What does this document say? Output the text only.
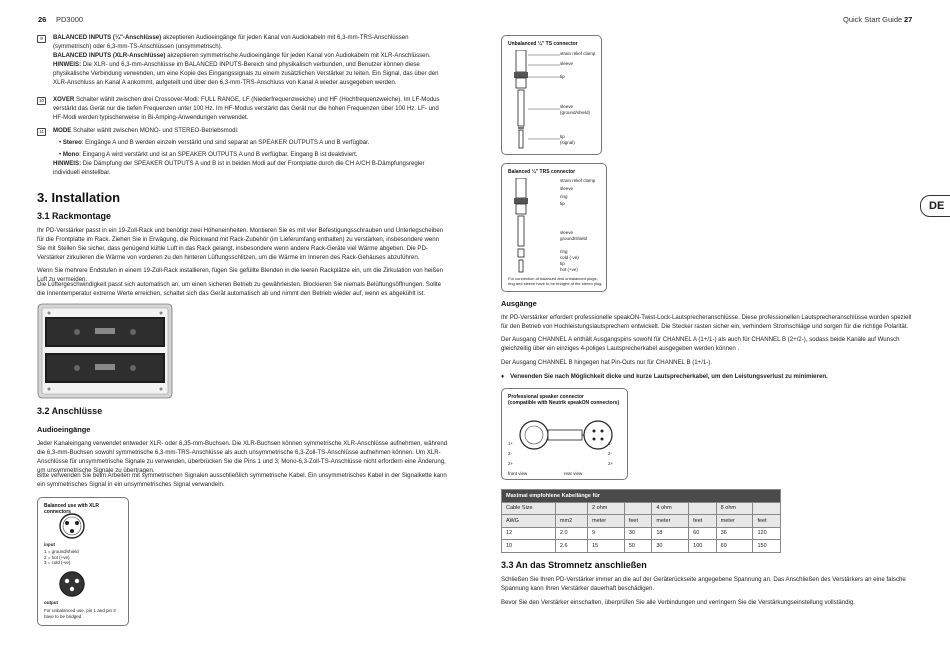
26 PD3000	Quick Start Guide 27
9	BALANCED INPUTS (¼"-Anschlüsse) akzeptieren Audioeingänge für jeden Kanal von Audiokabeln mit 6,3-mm-TRS-Anschlüssen (symmetrisch) oder 6,3-mm-TS-Anschlüssen (unsymmetrisch).
BALANCED INPUTS (XLR-Anschlüsse) akzeptieren symmetrische Audioeingänge für jeden Kanal von Audiokabeln mit XLR-Anschlüssen.
HINWEIS: Die XLR- und 6,3-mm-Anschlüsse im BALANCED INPUTS-Bereich sind physikalisch verbunden, und Benutzer können diese physikalische Verbindung verwenden, um eine Kopie des Eingangssignals zu einem zusätzlichen Verstärker zu leiten. Ein Signal, das über den XLR-Anschluss an Kanal A ankommt, aufgeteilt und über den 6,3-mm-TRS-Anschluss von Kanal A wieder ausgegeben werden.
10	XOVER Schalter wählt zwischen drei Crossover-Modi: FULL RANGE, LF (Niederfrequenzweiche) und HF (Hochfrequenzweiche). Im LF-Modus verstärkt das Gerät nur die tiefen Frequenzen unter 100 Hz. Im HF-Modus verstärkt das Gerät nur die hohen Frequenzen über 100 Hz. LF- und HF-Modi werden typischerweise in Bi-Amping-Anwendungen verwendet.
11	MODE Schalter wählt zwischen MONO- und STEREO-Betriebsmodi:
• Stereo: Eingänge A und B werden einzeln verstärkt und sind separat an SPEAKER OUTPUTS A und B verfügbar.
• Mono: Eingang A wird verstärkt und ist an SPEAKER OUTPUTS A und B verfügbar. Eingang B ist deaktiviert.
HINWEIS: Die Dämpfung der SPEAKER OUTPUTS A und B ist in beiden Modi auf der Frontplatte durch die CH A/CH B-Dämpfungsregler individuell einstellbar.
3. Installation
3.1 Rackmontage
Ihr PD-Verstärker passt in ein 19-Zoll-Rack und benötigt zwei Höheneinheiten. Montieren Sie es mit vier Befestigungsschrauben und Unterlegscheiben für die Frontplatte im Rack. Ziehen Sie in Erwägung, die Rückwand mit Rack-Zubehör (im Lieferumfang enthalten) zu verstärken, insbesondere wenn Sie mit Stellen Sie sicher, dass genügend kühle Luft in das Rack gelangt, insbesondere wenn andere Rack-Geräte viel Wärme abgeben. Die PD-Verstärker zirkulieren die Wärme von vorderen zu den hinteren Lüftungsschlitzen, um die Wärme im Inneren des Rack-Gehäuses abzuführen.
Wenn Sie mehrere Endstufen in einem 19-Zoll-Rack installieren, fügen Sie gefüllte Blenden in die leeren Rackplätze ein, um die Zirkulation von heißen Luft zu vermeiden.
Die Lüftergeschwindigkeit passt sich automatisch an, um einen sicheren Betrieb zu gewährleisten. Blockieren Sie niemals Belüftungsöffnungen. Sollte die Innentemperatur extreme Werte erreichen, schaltet sich das Gerät automatisch ab und nimmt den Betrieb wieder auf, wenn es abgekühlt ist.
3.2 Anschlüsse
Audioeingänge
Jeder Kanaleingang verwendet entweder XLR- oder 6,35-mm-Buchsen. Die XLR-Buchsen können symmetrische XLR-Anschlüsse aufnehmen, während die 6,3-mm-Buchsen sowohl symmetrische 6,3-mm-TRS-Anschlüsse als auch unsymmetrische 6,3-Zoll-TS-Anschlüsse aufnehmen können. Um XLR-Anschlüsse für unsymmetrische Signale zu verwenden, überbrücken Sie die Pins 1 und 3; Mono-6,3-Zoll-TS-Anschlüsse nicht erfordern eine Änderung, um unsymmetrische Signale zu übertragen.
Bitte verwenden Sie beim Arbeiten mit symmetrischen Signalen ausschließlich symmetrische Kabel. Ein unsymmetrisches Kabel in der Signalkette kann ein symmetrisches Signal in ein unsymmetrisches Signal verwandeln.
Balanced use with XLR connectors
input
1 = ground/shield
2 = hot (+ve)
3 = cold (-ve)
output
For unbalanced use, pin 1 and pin 3 have to be bridged
Unbalanced ¼" TS connector
strain relief clamp
sleeve
tip
sleeve
(ground/shield)
tip
(signal)
Balanced ¼" TRS connector
strain relief clamp
sleeve
ring
tip
sleeve
ground/shield
ring
cold (-ve)
tip
hot (+ve)
For connection of balanced and unbalanced plugs, ring and sleeve have to be bridged at the stereo plug.
Ausgänge
Ihr PD-Verstärker erfordert professionelle speakON-Twist-Lock-Lautsprecheranschlüsse. Diese professionellen Lautsprecheranschlüsse wurden speziell für den Betrieb von Hochleistungslautsprechern entwickelt. Die Stecker rasten sicher ein, verhindern Stromschläge und sorgen für die richtige Polarität.
Der Ausgang CHANNEL A enthält Ausgangspins sowohl für CHANNEL A (1+/1-) als auch für CHANNEL B (2+/2-), sodass beide Kanäle auf Wunsch gleichzeitig über ein einziges 4-poliges Lautsprecherkabel ausgegeben werden können .
Der Ausgang CHANNEL B hingegen hat Pin-Outs nur für CHANNEL B (1+/1-).
♦ Verwenden Sie nach Möglichkeit dicke und kurze Lautsprecherkabel, um den Leistungsverlust zu minimieren.
Professional speaker connector
(compatible with Neutrik speakON connectors)
1+
2-
2+
1-
2-
2+
front view	rear view
Maximal empfohlene Kabellänge für							
Cable Size		2 ohm		4 ohm		8 ohm	
AWG	mm2	meter	feet	meter	feet	meter	feet
12	2.0	9	30	18	60	36	120
10	2.6	15	50	30	100	60	150
3.3 An das Stromnetz anschließen
Schließen Sie Ihren PD-Verstärker immer an die auf der Geräterückseite angegebene Spannung an. Das Anschließen des Verstärkers an eine falsche Spannung kann Ihren Verstärker dauerhaft beschädigen.
Bevor Sie den Verstärker einschalten, überprüfen Sie alle Verbindungen und verringern Sie die Verstärkungseinstellung vollständig.
DE
